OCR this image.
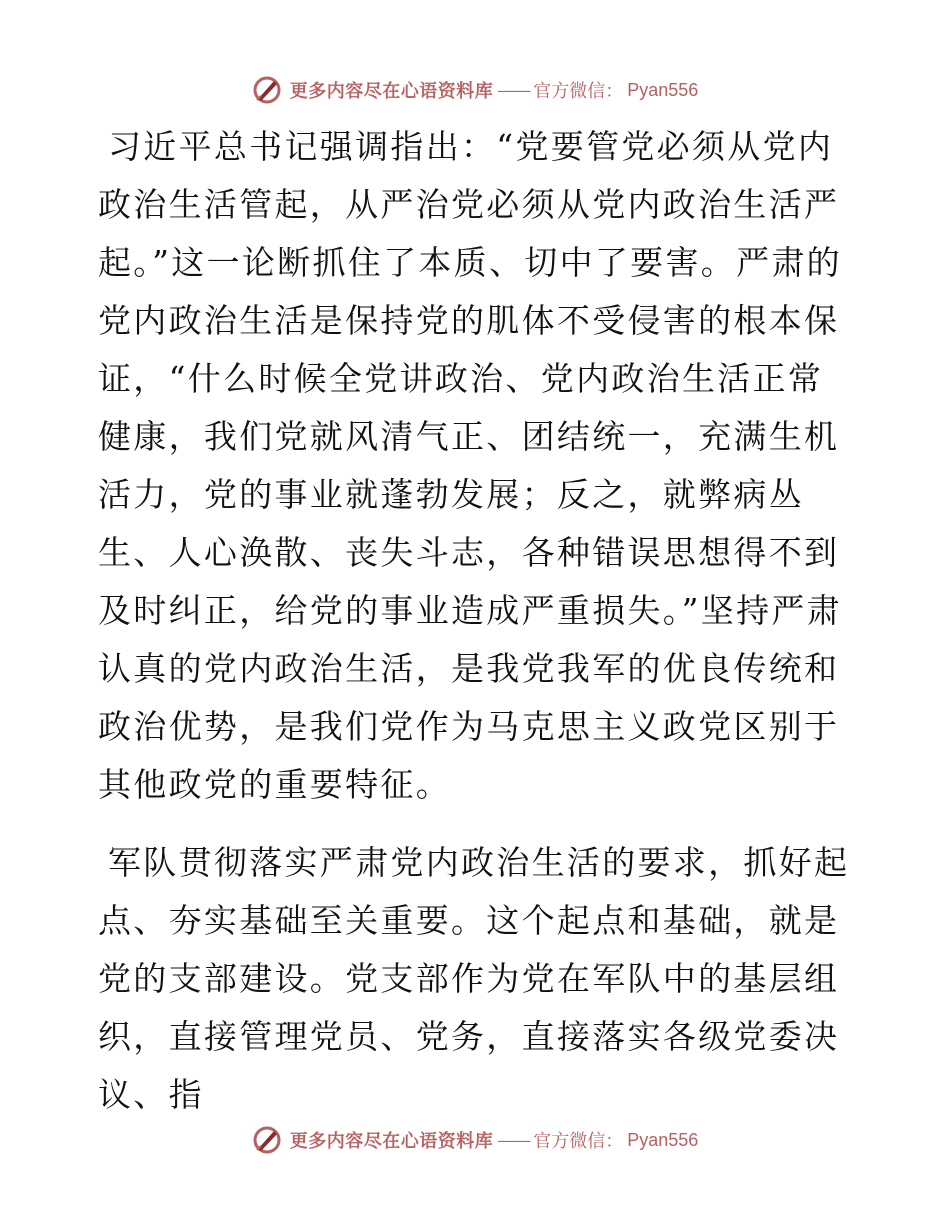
更多内容尽在心语资料库 —— 官方微信： Pyan556

习近平总书记强调指出：“党要管党必须从党内政治生活管起，从严治党必须从党内政治生活严起。”这一论断抓住了本质、切中了要害。严肃的党内政治生活是保持党的肌体不受侵害的根本保证，“什么时候全党讲政治、党内政治生活正常健康，我们党就风清气正、团结统一，充满生机活力，党的事业就蓬勃发展；反之，就弊病丛生、人心涣散、丧失斗志，各种错误思想得不到及时纠正，给党的事业造成严重损失。”坚持严肃认真的党内政治生活，是我党我军的优良传统和政治优势，是我们党作为马克思主义政党区别于其他政党的重要特征。

军队贯彻落实严肃党内政治生活的要求，抓好起点、夯实基础至关重要。这个起点和基础，就是党的支部建设。党支部作为党在军队中的基层组织，直接管理党员、党务，直接落实各级党委决议、指

更多内容尽在心语资料库 —— 官方微信： Pyan556
